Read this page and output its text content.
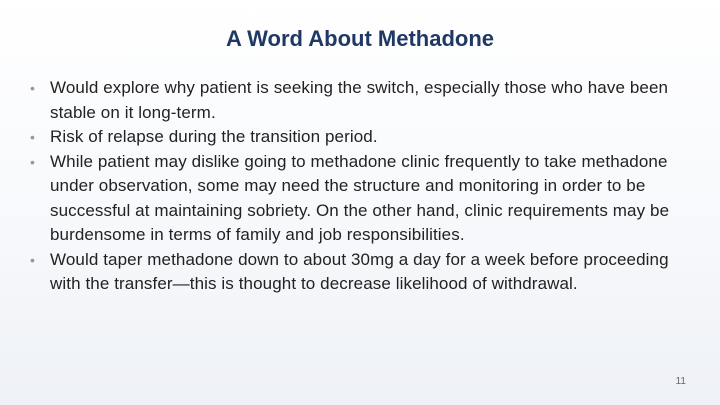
A Word About Methadone
• Would explore why patient is seeking the switch, especially those who have been stable on it long-term.
• Risk of relapse during the transition period.
• While patient may dislike going to methadone clinic frequently to take methadone under observation, some may need the structure and monitoring in order to be successful at maintaining sobriety. On the other hand, clinic requirements may be burdensome in terms of family and job responsibilities.
• Would taper methadone down to about 30mg a day for a week before proceeding with the transfer—this is thought to decrease likelihood of withdrawal.
11
